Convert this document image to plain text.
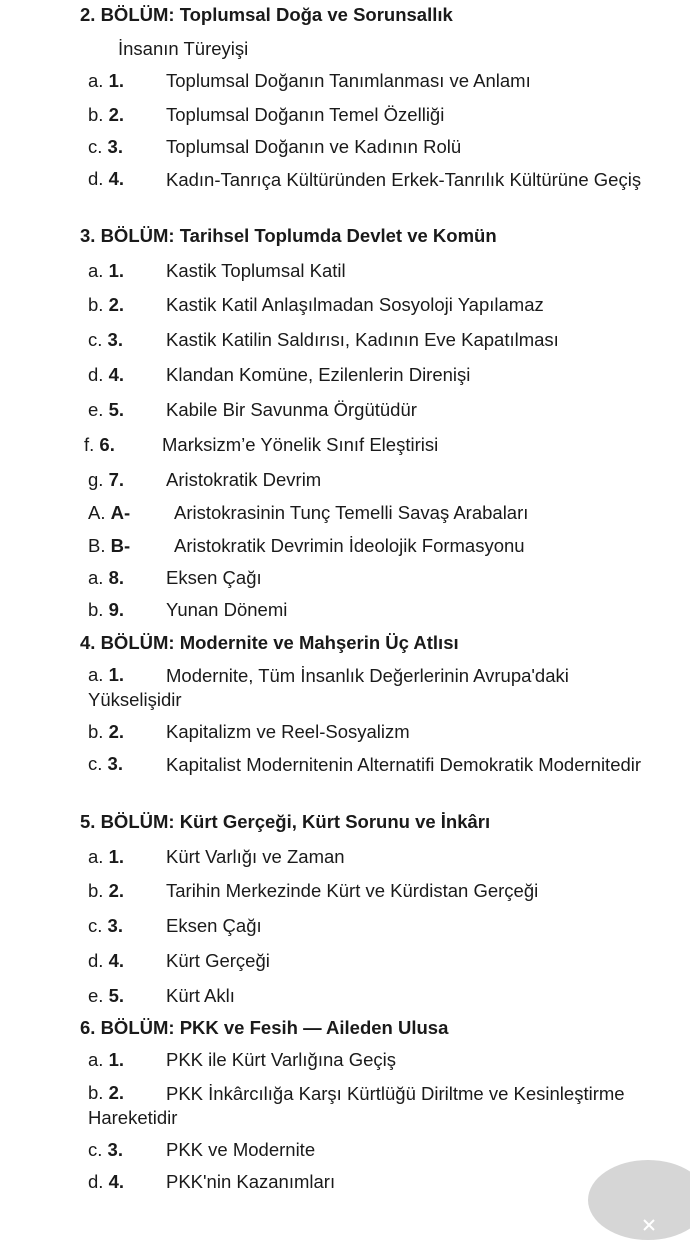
2. BÖLÜM: Toplumsal Doğa ve Sorunsallık
İnsanın Türeyişi
a. 1. Toplumsal Doğanın Tanımlanması ve Anlamı
b. 2. Toplumsal Doğanın Temel Özelliği
c. 3. Toplumsal Doğanın ve Kadının Rolü
d. 4.	Kadın-Tanrıça Kültüründen Erkek-Tanrılık Kültürüne Geçiş
3. BÖLÜM: Tarihsel Toplumda Devlet ve Komün
a. 1. Kastik Toplumsal Katil
b. 2. Kastik Katil Anlaşılmadan Sosyoloji Yapılamaz
c. 3. Kastik Katilin Saldırısı, Kadının Eve Kapatılması
d. 4. Klandan Komüne, Ezilenlerin Direnişi
e. 5. Kabile Bir Savunma Örgütüdür
f. 6.	Marksizm’e Yönelik Sınıf Eleştirisi
g. 7. Aristokratik Devrim
A. A- Aristokrasinin Tunç Temelli Savaş Arabaları
B. B- Aristokratik Devrimin İdeolojik Formasyonu
a. 8. Eksen Çağı
b. 9. Yunan Dönemi
4. BÖLÜM: Modernite ve Mahşerin Üç Atlısı
a. 1.	Modernite, Tüm İnsanlık Değerlerinin Avrupa'daki Yükselişidir
b. 2. Kapitalizm ve Reel-Sosyalizm
c. 3.	Kapitalist Modernitenin Alternatifi Demokratik Modernitedir
5. BÖLÜM: Kürt Gerçeği, Kürt Sorunu ve İnkârı
a. 1. Kürt Varlığı ve Zaman
b. 2. Tarihin Merkezinde Kürt ve Kürdistan Gerçeği
c. 3. Eksen Çağı
d. 4. Kürt Gerçeği
e. 5. Kürt Aklı
6. BÖLÜM: PKK ve Fesih — Aileden Ulusa
a. 1. PKK ile Kürt Varlığına Geçiş
b. 2.	PKK İnkârcılığa Karşı Kürtlüğü Diriltme ve Kesinleştirme Hareketidir
c. 3. PKK ve Modernite
d. 4. PKK'nin Kazanımları
